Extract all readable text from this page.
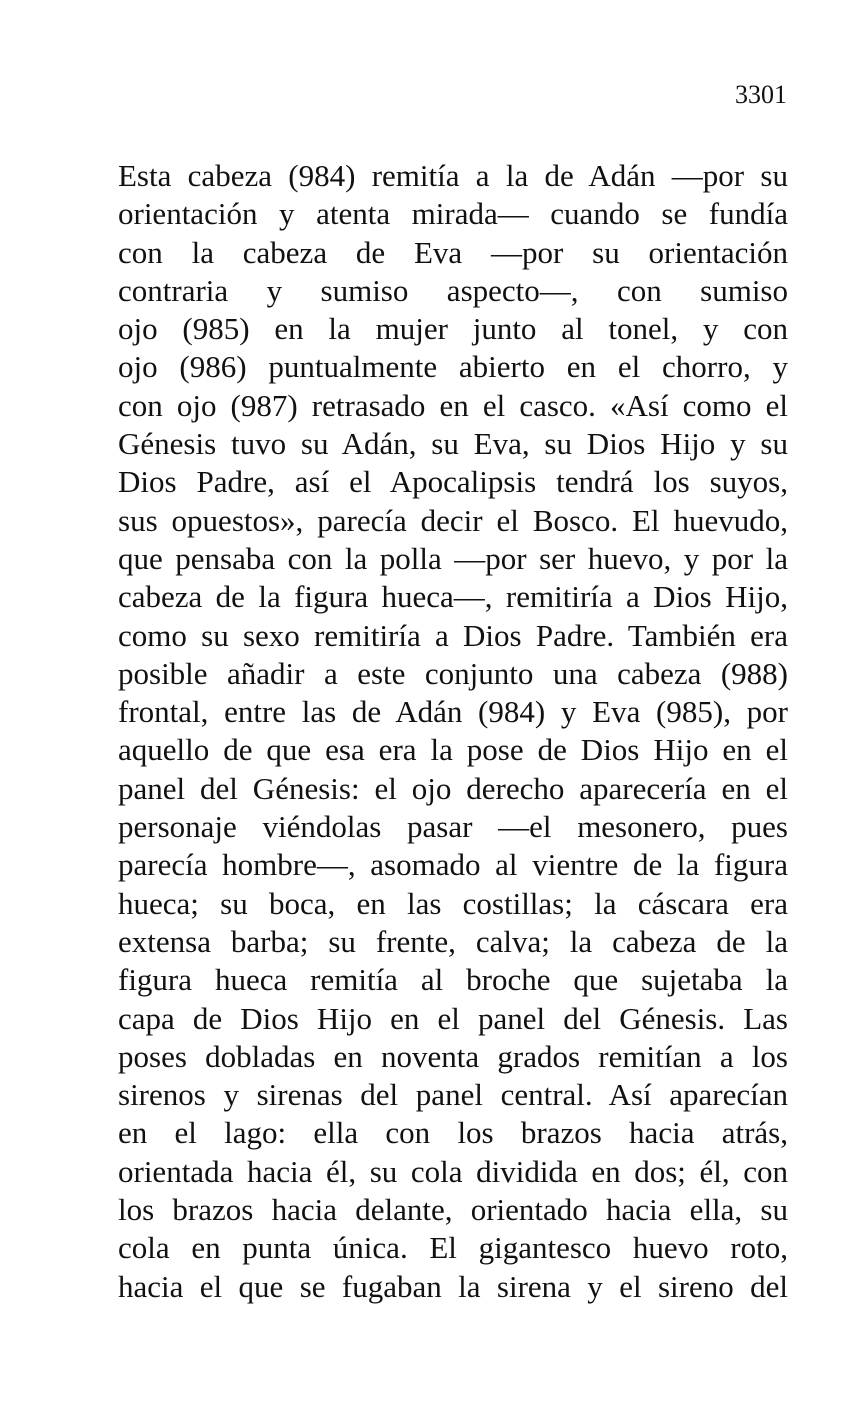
3301
Esta cabeza (984) remitía a la de Adán —por su
orientación y atenta mirada— cuando se fundía
con la cabeza de Eva —por su orientación
contraria y sumiso aspecto—, con sumiso
ojo (985) en la mujer junto al tonel, y con
ojo (986) puntualmente abierto en el chorro, y
con ojo (987) retrasado en el casco. «Así como el
Génesis tuvo su Adán, su Eva, su Dios Hijo y su
Dios Padre, así el Apocalipsis tendrá los suyos,
sus opuestos», parecía decir el Bosco. El huevudo,
que pensaba con la polla —por ser huevo, y por la
cabeza de la figura hueca—, remitiría a Dios Hijo,
como su sexo remitiría a Dios Padre. También era
posible añadir a este conjunto una cabeza (988)
frontal, entre las de Adán (984) y Eva (985), por
aquello de que esa era la pose de Dios Hijo en el
panel del Génesis: el ojo derecho aparecería en el
personaje viéndolas pasar —el mesonero, pues
parecía hombre—, asomado al vientre de la figura
hueca; su boca, en las costillas; la cáscara era
extensa barba; su frente, calva; la cabeza de la
figura hueca remitía al broche que sujetaba la
capa de Dios Hijo en el panel del Génesis. Las
poses dobladas en noventa grados remitían a los
sirenos y sirenas del panel central. Así aparecían
en el lago: ella con los brazos hacia atrás,
orientada hacia él, su cola dividida en dos; él, con
los brazos hacia delante, orientado hacia ella, su
cola en punta única. El gigantesco huevo roto,
hacia el que se fugaban la sirena y el sireno del
